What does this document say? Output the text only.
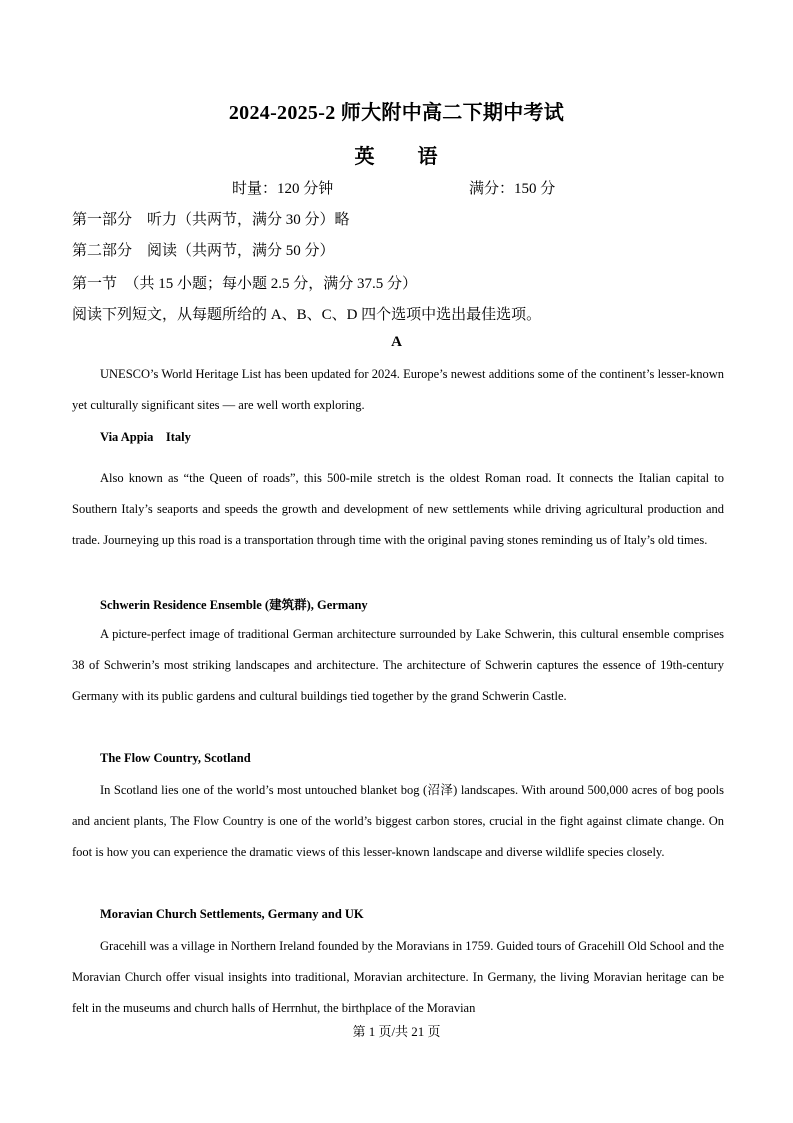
2024-2025-2 师大附中高二下期中考试
英 语
时量：120 分钟	满分：150 分
第一部分　听力（共两节，满分 30 分）略
第二部分　阅读（共两节，满分 50 分）
第一节　（共 15 小题；每小题 2.5 分，满分 37.5 分）
阅读下列短文，从每题所给的 A、B、C、D 四个选项中选出最佳选项。
A
UNESCO’s World Heritage List has been updated for 2024. Europe’s newest additions some of the continent’s lesser-known yet culturally significant sites — are well worth exploring.
Via Appia　Italy
Also known as “the Queen of roads”, this 500-mile stretch is the oldest Roman road. It connects the Italian capital to Southern Italy’s seaports and speeds the growth and development of new settlements while driving agricultural production and trade. Journeying up this road is a transportation through time with the original paving stones reminding us of Italy’s old times.
Schwerin Residence Ensemble (建筑群), Germany
A picture-perfect image of traditional German architecture surrounded by Lake Schwerin, this cultural ensemble comprises 38 of Schwerin’s most striking landscapes and architecture. The architecture of Schwerin captures the essence of 19th-century Germany with its public gardens and cultural buildings tied together by the grand Schwerin Castle.
The Flow Country, Scotland
In Scotland lies one of the world’s most untouched blanket bog (沼泽) landscapes. With around 500,000 acres of bog pools and ancient plants, The Flow Country is one of the world’s biggest carbon stores, crucial in the fight against climate change. On foot is how you can experience the dramatic views of this lesser-known landscape and diverse wildlife species closely.
Moravian Church Settlements, Germany and UK
Gracehill was a village in Northern Ireland founded by the Moravians in 1759. Guided tours of Gracehill Old School and the Moravian Church offer visual insights into traditional, Moravian architecture. In Germany, the living Moravian heritage can be felt in the museums and church halls of Herrnhut, the birthplace of the Moravian
第 1 页/共 21 页
